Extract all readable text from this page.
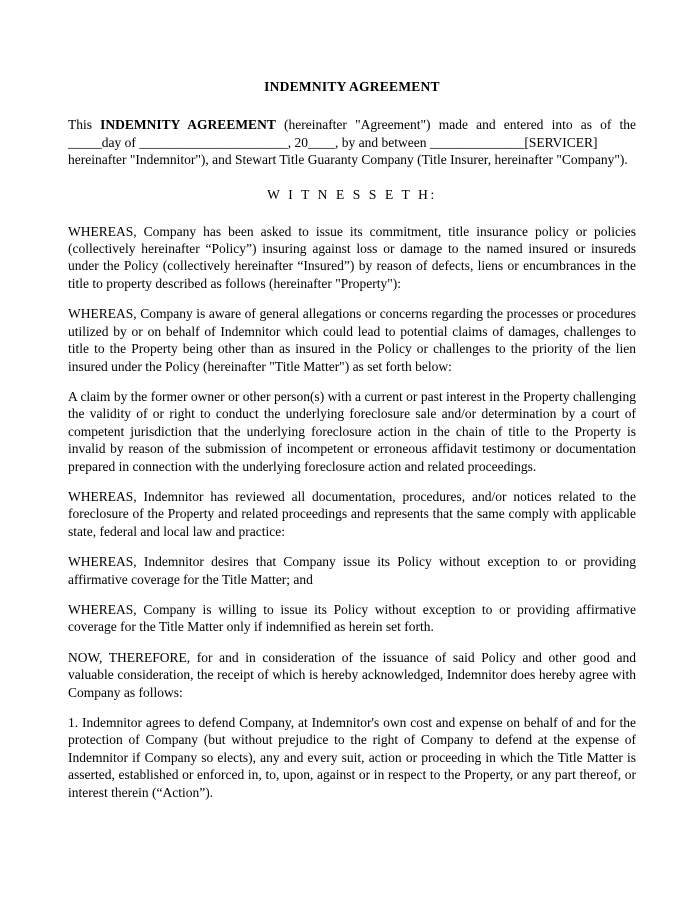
INDEMNITY AGREEMENT
This INDEMNITY AGREEMENT (hereinafter "Agreement") made and entered into as of the
_____day of ______________________, 20____, by and between ______________[SERVICER]
hereinafter "Indemnitor"), and Stewart Title Guaranty Company (Title Insurer, hereinafter "Company").
W I T N E S S E T H:

WHEREAS, Company has been asked to issue its commitment, title insurance policy or policies (collectively hereinafter “Policy”) insuring against loss or damage to the named insured or insureds under the Policy (collectively hereinafter “Insured”) by reason of defects, liens or encumbrances in the title to property described as follows (hereinafter "Property"):

WHEREAS, Company is aware of general allegations or concerns regarding the processes or procedures utilized by or on behalf of Indemnitor which could lead to potential claims of damages, challenges to title to the Property being other than as insured in the Policy or challenges to the priority of the lien insured under the Policy (hereinafter "Title Matter") as set forth below:

A claim by the former owner or other person(s) with a current or past interest in the Property challenging the validity of or right to conduct the underlying foreclosure sale and/or determination by a court of competent jurisdiction that the underlying foreclosure action in the chain of title to the Property is invalid by reason of the submission of incompetent or erroneous affidavit testimony or documentation prepared in connection with the underlying foreclosure action and related proceedings.

WHEREAS, Indemnitor has reviewed all documentation, procedures, and/or notices related to the foreclosure of the Property and related proceedings and represents that the same comply with applicable state, federal and local law and practice:

WHEREAS, Indemnitor desires that Company issue its Policy without exception to or providing affirmative coverage for the Title Matter; and

WHEREAS, Company is willing to issue its Policy without exception to or providing affirmative coverage for the Title Matter only if indemnified as herein set forth.

NOW, THEREFORE, for and in consideration of the issuance of said Policy and other good and valuable consideration, the receipt of which is hereby acknowledged, Indemnitor does hereby agree with Company as follows:

1. Indemnitor agrees to defend Company, at Indemnitor's own cost and expense on behalf of and for the protection of Company (but without prejudice to the right of Company to defend at the expense of Indemnitor if Company so elects), any and every suit, action or proceeding in which the Title Matter is asserted, established or enforced in, to, upon, against or in respect to the Property, or any part thereof, or interest therein (“Action”).
